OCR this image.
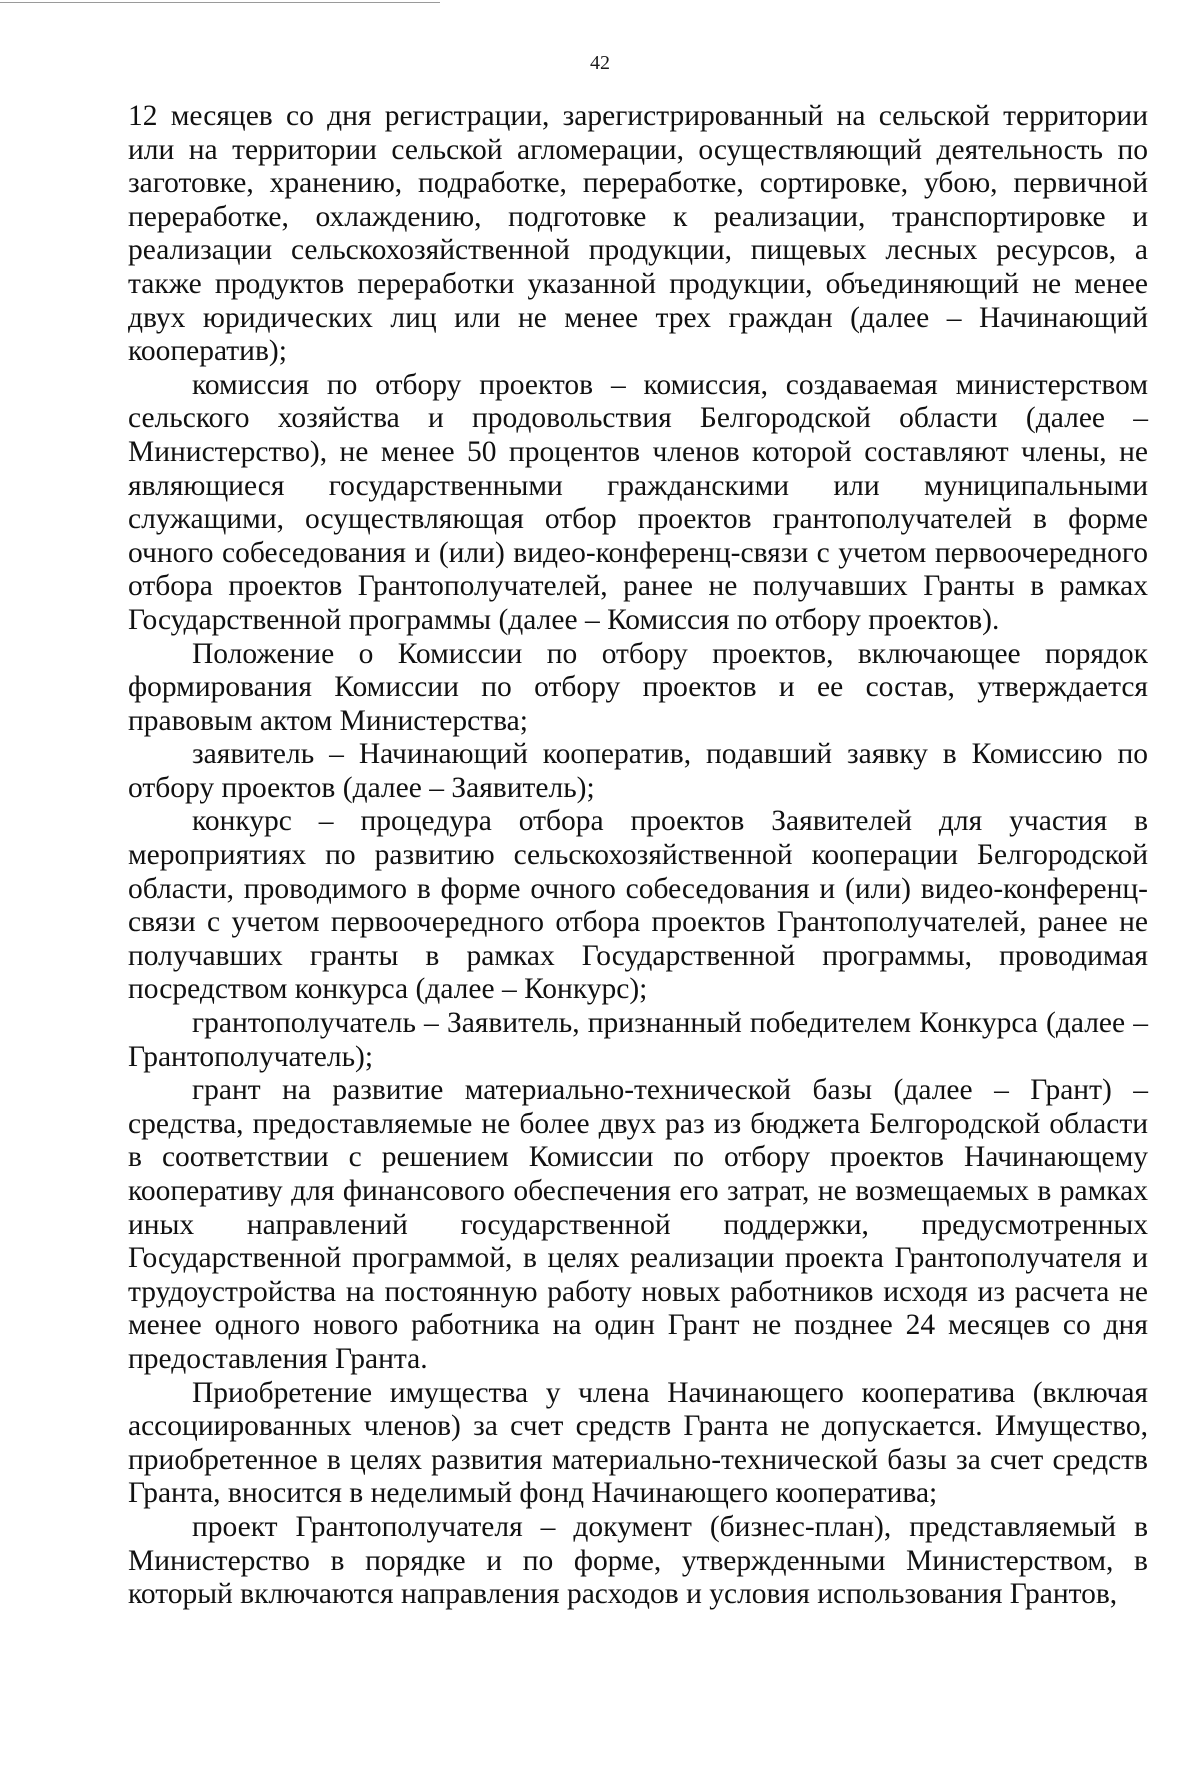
42

12 месяцев со дня регистрации, зарегистрированный на сельской территории или на территории сельской агломерации, осуществляющий деятельность по заготовке, хранению, подработке, переработке, сортировке, убою, первичной переработке, охлаждению, подготовке к реализации, транспортировке и реализации сельскохозяйственной продукции, пищевых лесных ресурсов, а также продуктов переработки указанной продукции, объединяющий не менее двух юридических лиц или не менее трех граждан (далее – Начинающий кооператив);

комиссия по отбору проектов – комиссия, создаваемая министерством сельского хозяйства и продовольствия Белгородской области (далее – Министерство), не менее 50 процентов членов которой составляют члены, не являющиеся государственными гражданскими или муниципальными служащими, осуществляющая отбор проектов грантополучателей в форме очного собеседования и (или) видео-конференц-связи с учетом первоочередного отбора проектов Грантополучателей, ранее не получавших Гранты в рамках Государственной программы (далее – Комиссия по отбору проектов).

Положение о Комиссии по отбору проектов, включающее порядок формирования Комиссии по отбору проектов и ее состав, утверждается правовым актом Министерства;

заявитель – Начинающий кооператив, подавший заявку в Комиссию по отбору проектов (далее – Заявитель);

конкурс – процедура отбора проектов Заявителей для участия в мероприятиях по развитию сельскохозяйственной кооперации Белгородской области, проводимого в форме очного собеседования и (или) видео-конференц-связи с учетом первоочередного отбора проектов Грантополучателей, ранее не получавших гранты в рамках Государственной программы, проводимая посредством конкурса (далее – Конкурс);

грантополучатель – Заявитель, признанный победителем Конкурса (далее – Грантополучатель);

грант на развитие материально-технической базы (далее – Грант) – средства, предоставляемые не более двух раз из бюджета Белгородской области в соответствии с решением Комиссии по отбору проектов Начинающему кооперативу для финансового обеспечения его затрат, не возмещаемых в рамках иных направлений государственной поддержки, предусмотренных Государственной программой, в целях реализации проекта Грантополучателя и трудоустройства на постоянную работу новых работников исходя из расчета не менее одного нового работника на один Грант не позднее 24 месяцев со дня предоставления Гранта.

Приобретение имущества у члена Начинающего кооператива (включая ассоциированных членов) за счет средств Гранта не допускается. Имущество, приобретенное в целях развития материально-технической базы за счет средств Гранта, вносится в неделимый фонд Начинающего кооператива;

проект Грантополучателя – документ (бизнес-план), представляемый в Министерство в порядке и по форме, утвержденными Министерством, в который включаются направления расходов и условия использования Грантов,
